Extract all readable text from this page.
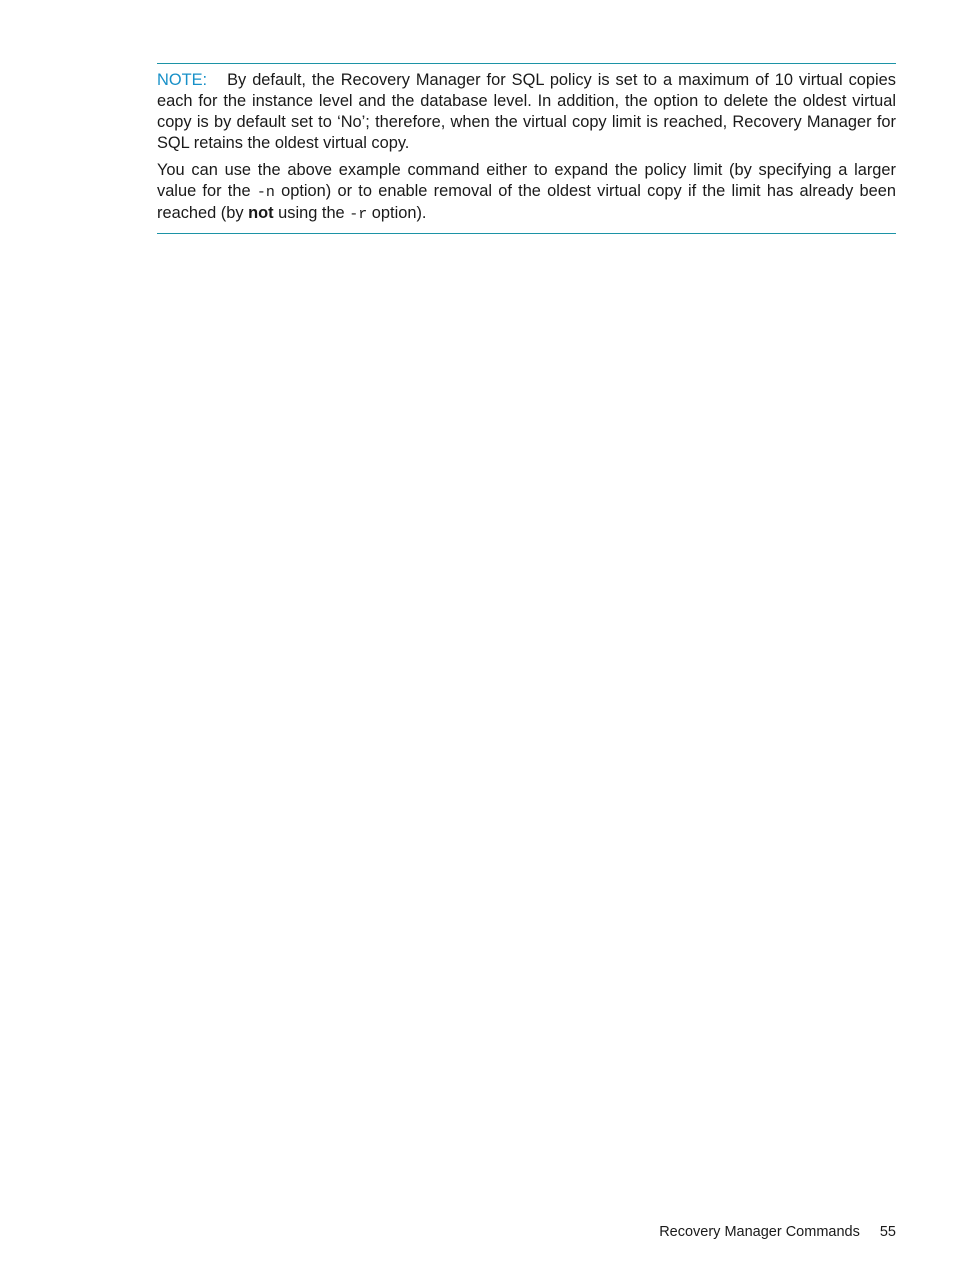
NOTE: By default, the Recovery Manager for SQL policy is set to a maximum of 10 virtual copies each for the instance level and the database level. In addition, the option to delete the oldest virtual copy is by default set to ‘No’; therefore, when the virtual copy limit is reached, Recovery Manager for SQL retains the oldest virtual copy.

You can use the above example command either to expand the policy limit (by specifying a larger value for the -n option) or to enable removal of the oldest virtual copy if the limit has already been reached (by not using the -r option).

Recovery Manager Commands 55
